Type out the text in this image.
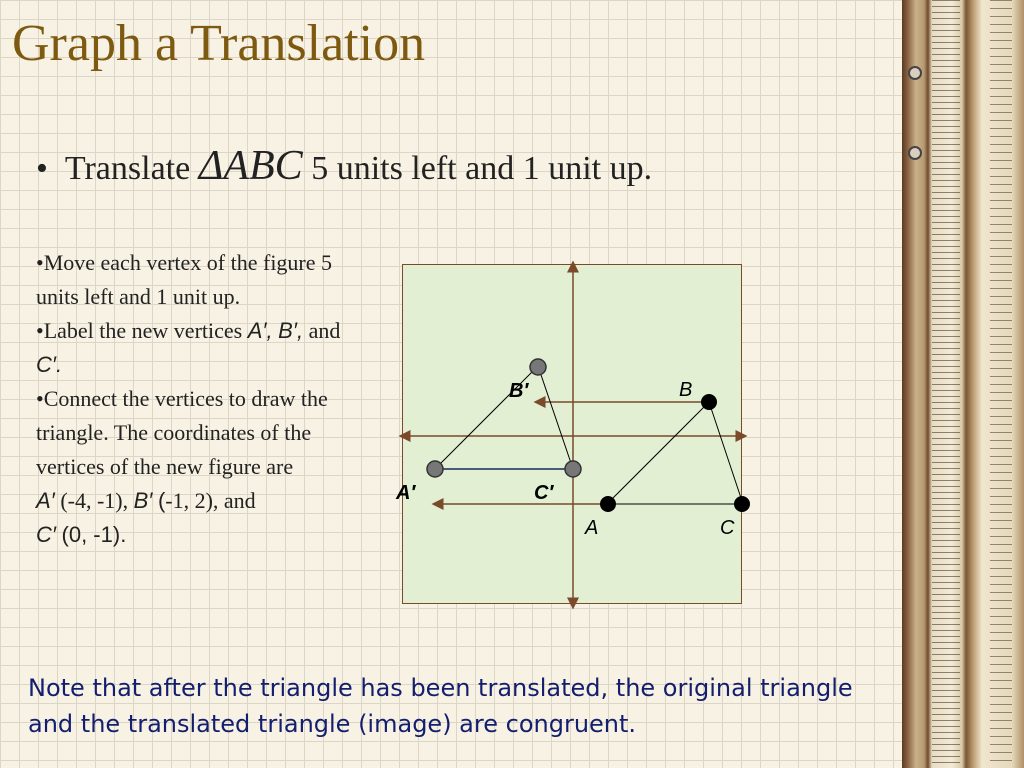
Graph a Translation
•  Translate ΔABC 5 units left and 1 unit up.

•Move each vertex of the figure 5 units left and 1 unit up.

•Label the new vertices A′, B′, and C′.

•Connect the vertices to draw the triangle. The coordinates of the vertices of the new figure are
A′ (-4, -1), B′ (-1, 2), and
C′ (0, -1).

B′
A′	C′
B
A	C

Note that after the triangle has been translated, the original triangle and the translated triangle (image) are congruent.
